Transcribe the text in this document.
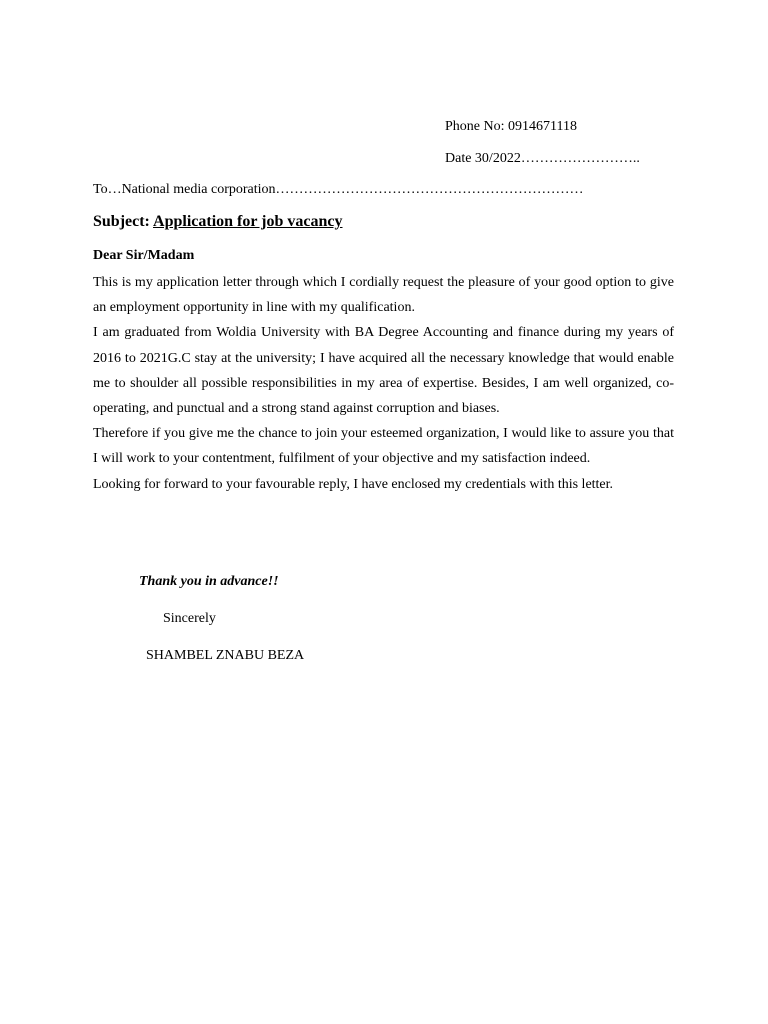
Phone No: 0914671118
Date 30/2022……………………..
To…National media corporation…………………………………………………………
Subject: Application for job vacancy
Dear Sir/Madam

This is my application letter through which I cordially request the pleasure of your good option to give an employment opportunity in line with my qualification.

I am graduated from Woldia University with BA Degree Accounting and finance during my years of 2016 to 2021G.C stay at the university; I have acquired all the necessary knowledge that would enable me to shoulder all possible responsibilities in my area of expertise. Besides, I am well organized, co-operating, and punctual and a strong stand against corruption and biases.

Therefore if you give me the chance to join your esteemed organization, I would like to assure you that I will work to your contentment, fulfilment of your objective and my satisfaction indeed.

Looking for forward to your favourable reply, I have enclosed my credentials with this letter.

Thank you in advance!!
Sincerely
SHAMBEL ZNABU BEZA
